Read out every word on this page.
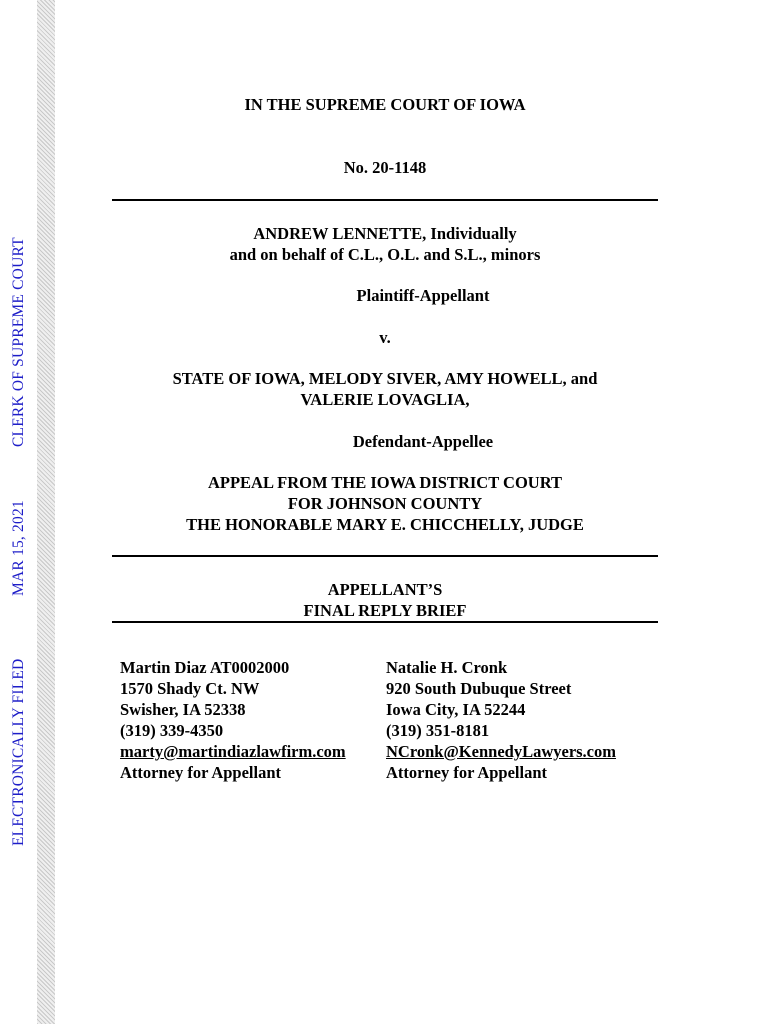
ELECTRONICALLY FILED
MAR 15, 2021
CLERK OF SUPREME COURT
IN THE SUPREME COURT OF IOWA
No. 20-1148
ANDREW LENNETTE, Individually
and on behalf of C.L., O.L. and S.L., minors
Plaintiff-Appellant
v.
STATE OF IOWA, MELODY SIVER, AMY HOWELL, and
VALERIE LOVAGLIA,
Defendant-Appellee
APPEAL FROM THE IOWA DISTRICT COURT
FOR JOHNSON COUNTY
THE HONORABLE MARY E. CHICCHELLY, JUDGE
APPELLANT’S
FINAL REPLY BRIEF
Martin Diaz AT0002000
1570 Shady Ct. NW
Swisher, IA 52338
(319) 339-4350
marty@martindiazlawfirm.com
Attorney for Appellant
Natalie H. Cronk
920 South Dubuque Street
Iowa City, IA 52244
(319) 351-8181
NCronk@KennedyLawyers.com
Attorney for Appellant
